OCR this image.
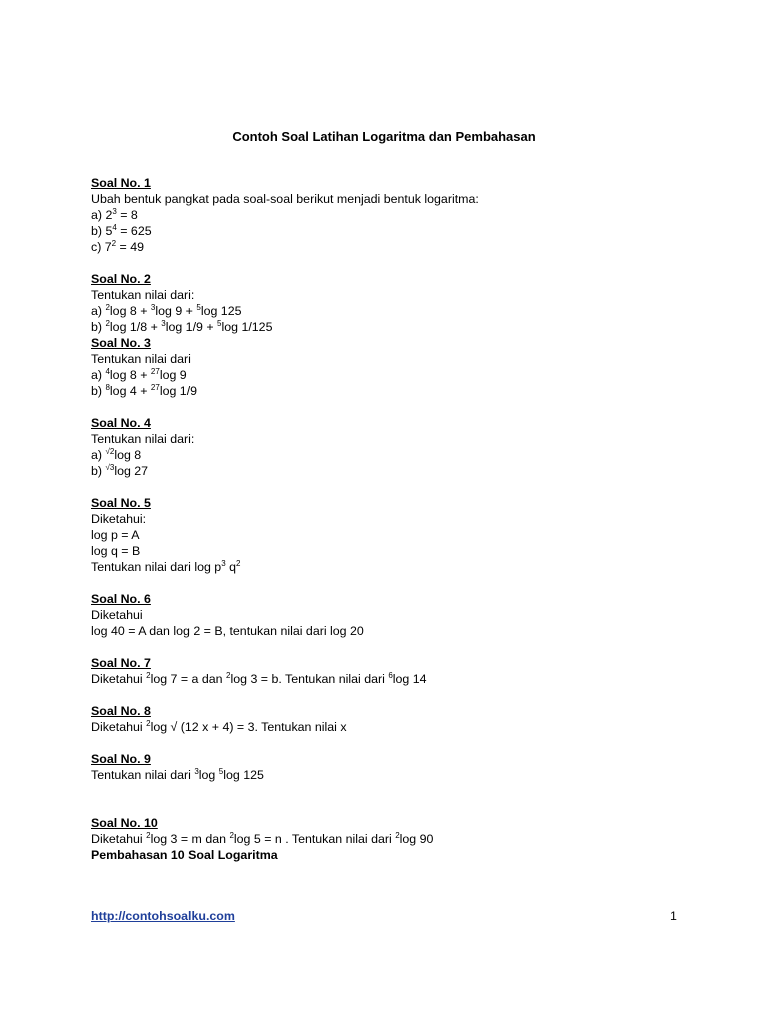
Contoh Soal Latihan Logaritma dan Pembahasan
Soal No. 1
Ubah bentuk pangkat pada soal-soal berikut menjadi bentuk logaritma:
a) $2^3 = 8$
b) $5^4 = 625$
c) $7^2 = 49$
Soal No. 2
Tentukan nilai dari:
a) $^2$log 8 + $^3$log 9 + $^5$log 125
b) $^2$log 1/8 + $^3$log 1/9 + $^5$log 1/125
Soal No. 3
Tentukan nilai dari
a) $^4$log 8 + $^{27}$log 9
b) $^8$log 4 + $^{27}$log 1/9
Soal No. 4
Tentukan nilai dari:
a) $^{√2}$log 8
b) $^{√3}$log 27
Soal No. 5
Diketahui:
log p = A
log q = B
Tentukan nilai dari $\log p^3$ $q^2$
Soal No. 6
Diketahui
log 40 = A dan log 2 = B, tentukan nilai dari log 20
Soal No. 7
Diketahui $^2$log 7 = a dan $^2$log 3 = b. Tentukan nilai dari $^6$log 14
Soal No. 8
Diketahui $^2$log √ (12 x + 4) = 3. Tentukan nilai x
Soal No. 9
Tentukan nilai dari $^3$log $^5$log 125
Soal No. 10
Diketahui $^2$log 3 = m dan $^2$log 5 = n . Tentukan nilai dari $^2$log 90
Pembahasan 10 Soal Logaritma
http://contohsoalku.com	1
